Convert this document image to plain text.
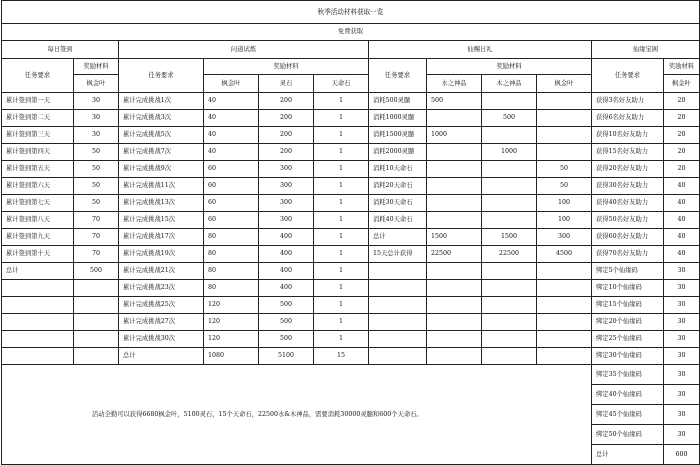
秋季活动材料获取一览											
免费获取											
每日签到		问道试炼				仙赐日礼				仙缘宝阁	
任务要求	奖励材料	任务要求	奖励材料			任务要求	奖励材料			任务要求	奖励材料
	枫金叶		枫金叶	灵石	天命石		水之神品	木之神品	枫金叶		枫金叶
累计签到第一天	30	累计完成挑战1次	40	200	1	消耗500灵髓	500			获得3名好友助力	20
累计签到第二天	30	累计完成挑战3次	40	200	1	消耗1000灵髓		500		获得6名好友助力	20
累计签到第三天	30	累计完成挑战5次	40	200	1	消耗1500灵髓	1000			获得10名好友助力	20
累计签到第四天	50	累计完成挑战7次	40	200	1	消耗2000灵髓		1000		获得15名好友助力	20
累计签到第五天	50	累计完成挑战9次	60	300	1	消耗10天命石			50	获得20名好友助力	20
累计签到第六天	50	累计完成挑战11次	60	300	1	消耗20天命石			50	获得30名好友助力	40
累计签到第七天	50	累计完成挑战13次	60	300	1	消耗30天命石			100	获得40名好友助力	40
累计签到第八天	70	累计完成挑战15次	60	300	1	消耗40天命石			100	获得50名好友助力	40
累计签到第九天	70	累计完成挑战17次	80	400	1	总计	1500	1500	300	获得60名好友助力	40
累计签到第十天	70	累计完成挑战19次	80	400	1	15天总计获得	22500	22500	4500	获得70名好友助力	40
总计	500	累计完成挑战21次	80	400	1					绑定5个仙缘码	30
		累计完成挑战23次	80	400	1					绑定10个仙缘码	30
		累计完成挑战25次	120	500	1					绑定15个仙缘码	30
		累计完成挑战27次	120	500	1					绑定20个仙缘码	30
		累计完成挑战30次	120	500	1					绑定25个仙缘码	30
		总计	1080	5100	15					绑定30个仙缘码	30
活动全勤可以获得6680枫金叶，5100灵石，15个天命石，22500水&木神品，需要消耗30000灵髓和600个天命石。										绑定35个仙缘码	30
										绑定40个仙缘码	30
										绑定45个仙缘码	30
										绑定50个仙缘码	30
										总计	600
